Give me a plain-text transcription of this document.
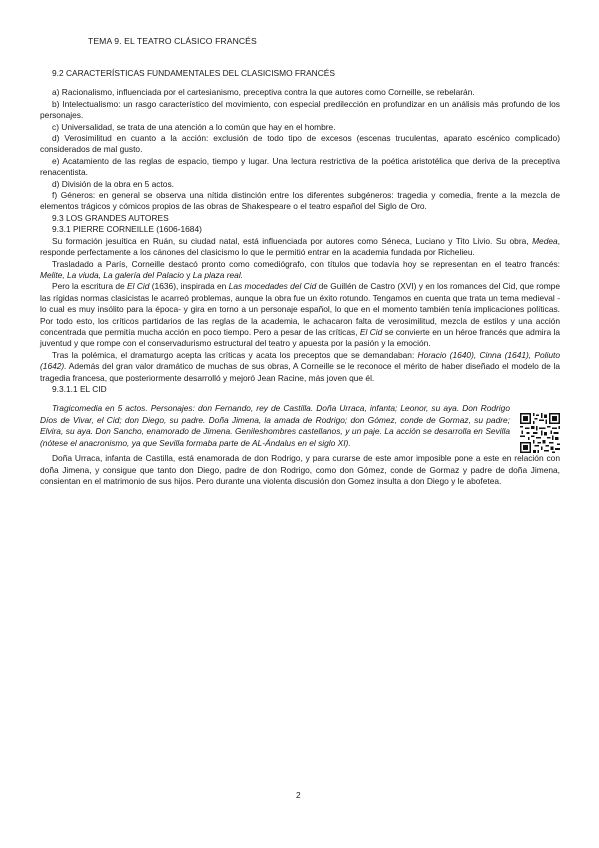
TEMA 9. EL TEATRO CLÁSICO FRANCÉS

9.2 CARACTERÍSTICAS FUNDAMENTALES DEL CLASICISMO FRANCÉS

a) Racionalismo, influenciada por el cartesianismo, preceptiva contra la que autores como Corneille, se rebelarán.

b) Intelectualismo: un rasgo característico del movimiento, con especial predilección en profundizar en un análisis más profundo de los personajes.

c) Universalidad, se trata de una atención a lo común que hay en el hombre.

d) Verosimilitud en cuanto a la acción: exclusión de todo tipo de excesos (escenas truculentas, aparato escénico complicado) considerados de mal gusto.

e) Acatamiento de las reglas de espacio, tiempo y lugar. Una lectura restrictiva de la poética aristotélica que deriva de la preceptiva renacentista.

d) División de la obra en 5 actos.

f) Géneros: en general se observa una nítida distinción entre los diferentes subgéneros: tragedia y comedia, frente a la mezcla de elementos trágicos y cómicos propios de las obras de Shakespeare o el teatro español del Siglo de Oro.

9.3 LOS GRANDES AUTORES

9.3.1 PIERRE CORNEILLE (1606-1684)

Su formación jesuítica en Ruán, su ciudad natal, está influenciada por autores como Séneca, Luciano y Tito Livio. Su obra, Medea, responde perfectamente a los cánones del clasicismo lo que le permitió entrar en la academia fundada por Richelieu.

Trasladado a París, Corneille destacó pronto como comediógrafo, con títulos que todavía hoy se representan en el teatro francés: Melite, La viuda, La galería del Palacio y La plaza real.

Pero la escritura de El Cid (1636), inspirada en Las mocedades del Cid de Guillén de Castro (XVI) y en los romances del Cid, que rompe las rígidas normas clasicistas le acarreó problemas, aunque la obra fue un éxito rotundo. Tengamos en cuenta que trata un tema medieval -lo cual es muy insólito para la época- y gira en torno a un personaje español, lo que en el momento también tenía implicaciones políticas. Por todo esto, los críticos partidarios de las reglas de la academia, le achacaron falta de verosimilitud, mezcla de estilos y una acción concentrada que permitía mucha acción en poco tiempo. Pero a pesar de las críticas, El Cid se convierte en un héroe francés que admira la juventud y que rompe con el conservadurismo estructural del teatro y apuesta por la pasión y la emoción.

Tras la polémica, el dramaturgo acepta las críticas y acata los preceptos que se demandaban: Horacio (1640), Cinna (1641), Poliuto (1642). Además del gran valor dramático de muchas de sus obras, A Corneille se le reconoce el mérito de haber diseñado el modelo de la tragedia francesa, que posteriormente desarrolló y mejoró Jean Racine, más joven que él.

9.3.1.1 EL CID

Tragicomedia en 5 actos. Personajes: don Fernando, rey de Castilla. Doña Urraca, infanta; Leonor, su aya. Don Rodrigo Díos de Vivar, el Cid; don Diego, su padre. Doña Jimena, la amada de Rodrigo; don Gómez, conde de Gormaz, su padre; Elvira, su aya. Don Sancho, enamorado de Jimena. Genileshombres castellanos, y un paje. La acción se desarrolla en Sevilla (nótese el anacronismo, ya que Sevilla formaba parte de AL-Ándalus en el siglo XI).

Doña Urraca, infanta de Castilla, está enamorada de don Rodrigo, y para curarse de este amor imposible pone a este en relación con doña Jimena, y consigue que tanto don Diego, padre de don Rodrigo, como don Gómez, conde de Gormaz y padre de doña Jimena, consientan en el matrimonio de sus hijos. Pero durante una violenta discusión don Gomez insulta a don Diego y le abofetea.

2
